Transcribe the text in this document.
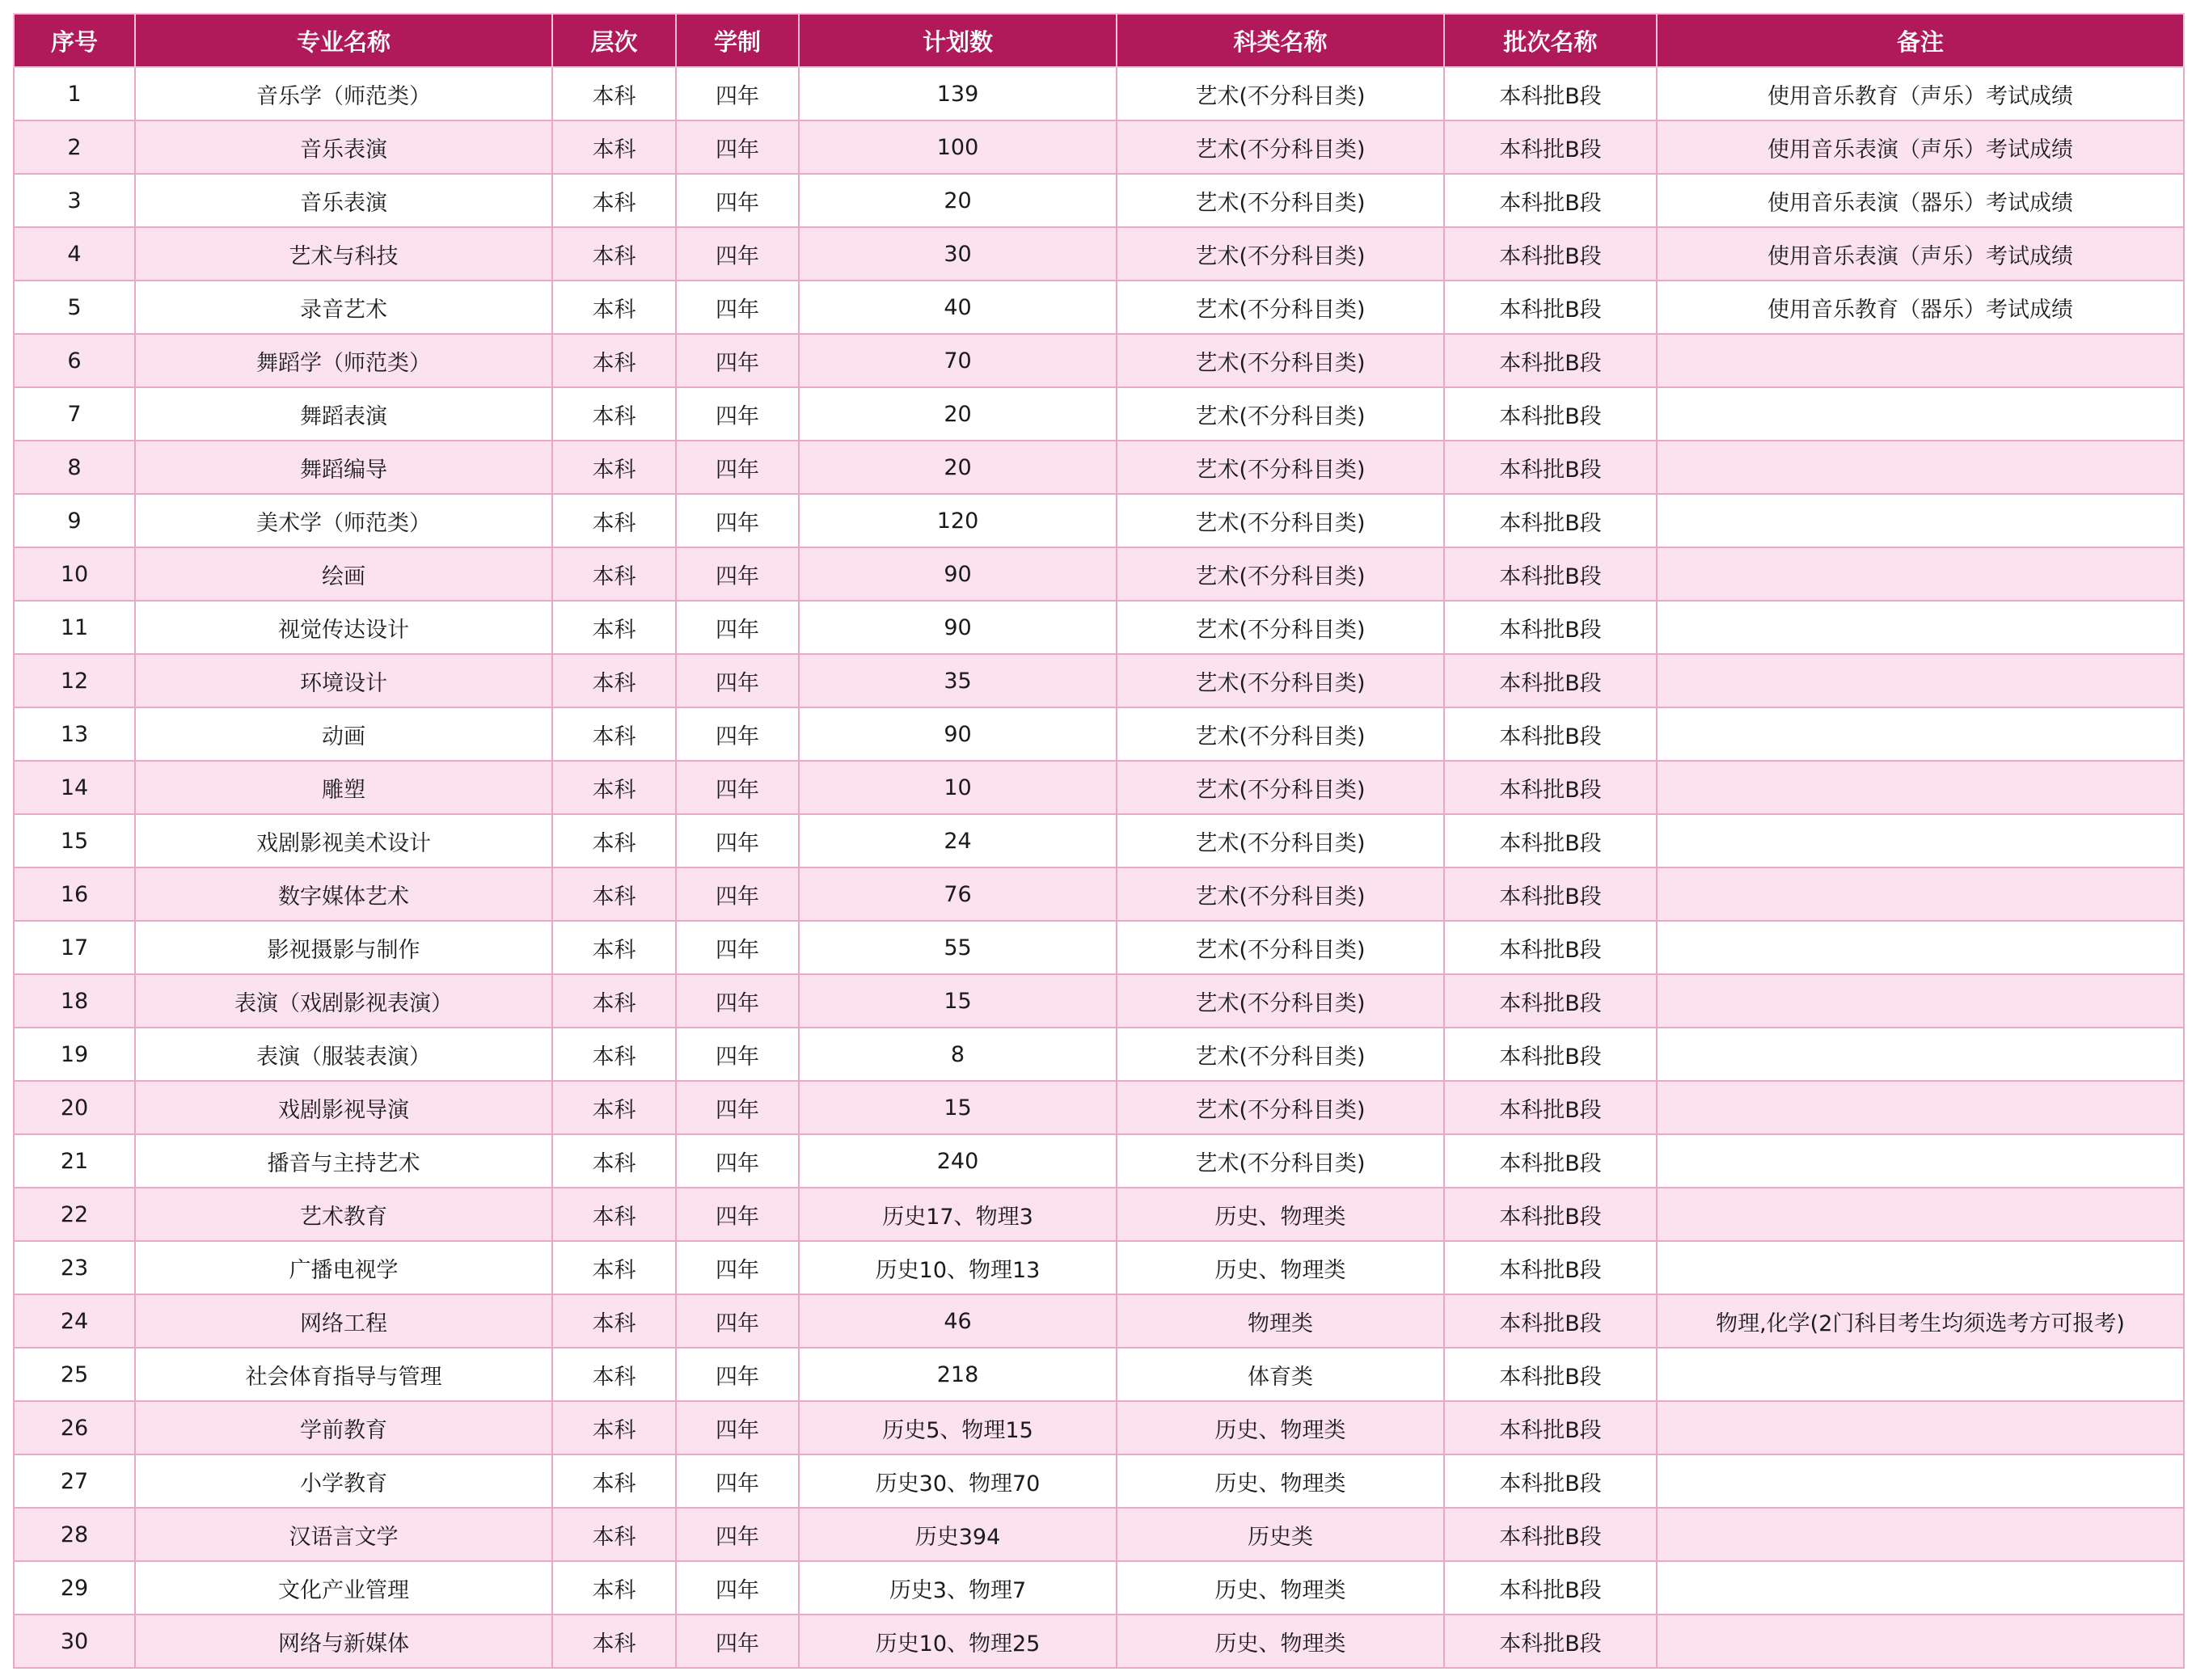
序号	专业名称	层次	学制	计划数	科类名称	批次名称	备注
1	音乐学（师范类）	本科	四年	139	艺术(不分科目类)	本科批B段	使用音乐教育（声乐）考试成绩
2	音乐表演	本科	四年	100	艺术(不分科目类)	本科批B段	使用音乐表演（声乐）考试成绩
3	音乐表演	本科	四年	20	艺术(不分科目类)	本科批B段	使用音乐表演（器乐）考试成绩
4	艺术与科技	本科	四年	30	艺术(不分科目类)	本科批B段	使用音乐表演（声乐）考试成绩
5	录音艺术	本科	四年	40	艺术(不分科目类)	本科批B段	使用音乐教育（器乐）考试成绩
6	舞蹈学（师范类）	本科	四年	70	艺术(不分科目类)	本科批B段	
7	舞蹈表演	本科	四年	20	艺术(不分科目类)	本科批B段	
8	舞蹈编导	本科	四年	20	艺术(不分科目类)	本科批B段	
9	美术学（师范类）	本科	四年	120	艺术(不分科目类)	本科批B段	
10	绘画	本科	四年	90	艺术(不分科目类)	本科批B段	
11	视觉传达设计	本科	四年	90	艺术(不分科目类)	本科批B段	
12	环境设计	本科	四年	35	艺术(不分科目类)	本科批B段	
13	动画	本科	四年	90	艺术(不分科目类)	本科批B段	
14	雕塑	本科	四年	10	艺术(不分科目类)	本科批B段	
15	戏剧影视美术设计	本科	四年	24	艺术(不分科目类)	本科批B段	
16	数字媒体艺术	本科	四年	76	艺术(不分科目类)	本科批B段	
17	影视摄影与制作	本科	四年	55	艺术(不分科目类)	本科批B段	
18	表演（戏剧影视表演）	本科	四年	15	艺术(不分科目类)	本科批B段	
19	表演（服装表演）	本科	四年	8	艺术(不分科目类)	本科批B段	
20	戏剧影视导演	本科	四年	15	艺术(不分科目类)	本科批B段	
21	播音与主持艺术	本科	四年	240	艺术(不分科目类)	本科批B段	
22	艺术教育	本科	四年	历史17、物理3	历史、物理类	本科批B段	
23	广播电视学	本科	四年	历史10、物理13	历史、物理类	本科批B段	
24	网络工程	本科	四年	46	物理类	本科批B段	物理,化学(2门科目考生均须选考方可报考)
25	社会体育指导与管理	本科	四年	218	体育类	本科批B段	
26	学前教育	本科	四年	历史5、物理15	历史、物理类	本科批B段	
27	小学教育	本科	四年	历史30、物理70	历史、物理类	本科批B段	
28	汉语言文学	本科	四年	历史394	历史类	本科批B段	
29	文化产业管理	本科	四年	历史3、物理7	历史、物理类	本科批B段	
30	网络与新媒体	本科	四年	历史10、物理25	历史、物理类	本科批B段	
